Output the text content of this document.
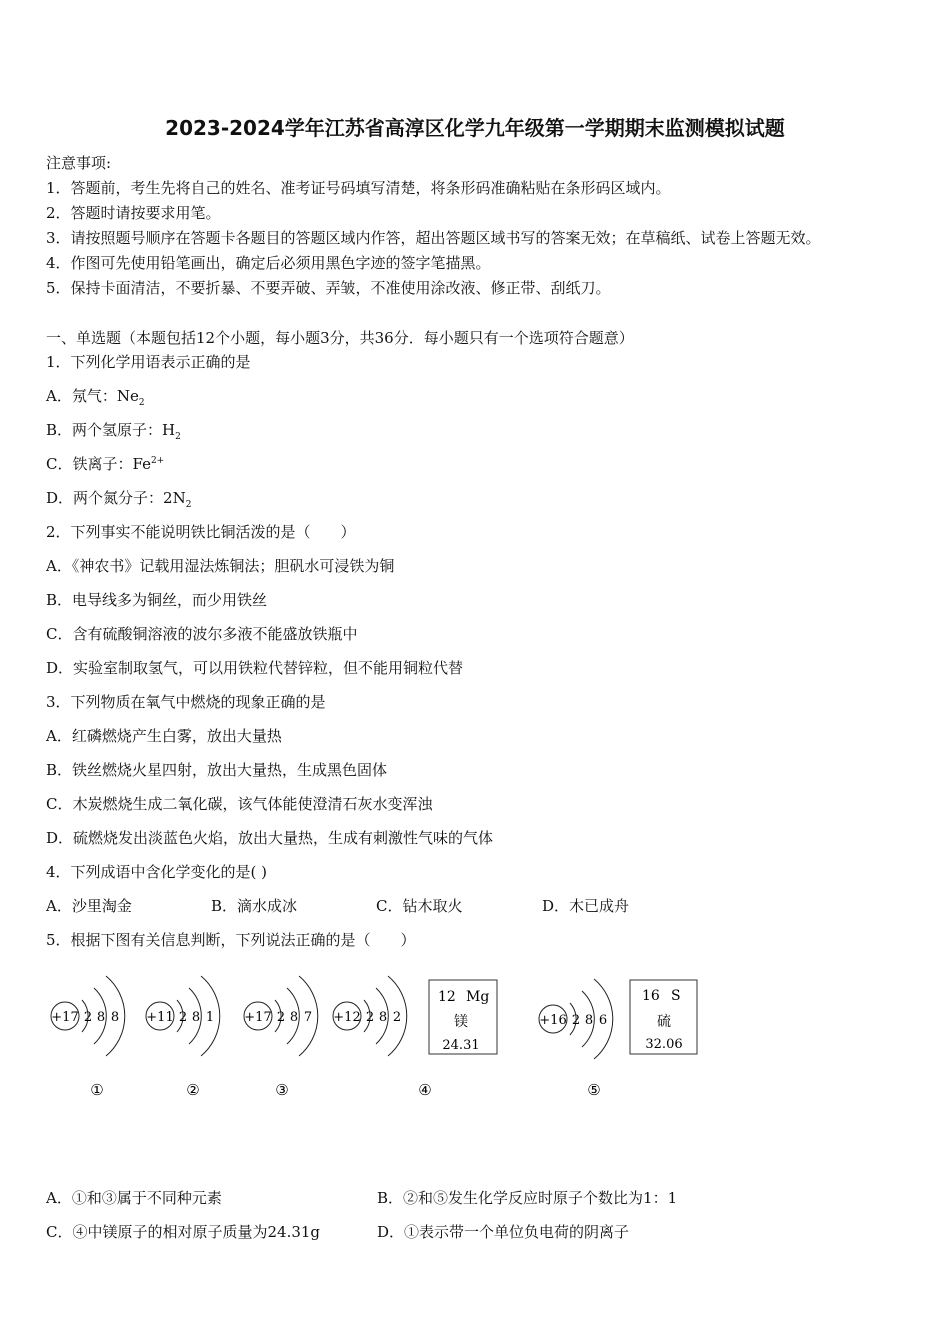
2023-2024学年江苏省高淳区化学九年级第一学期期末监测模拟试题
注意事项:
1．答题前，考生先将自己的姓名、准考证号码填写清楚，将条形码准确粘贴在条形码区域内。
2．答题时请按要求用笔。
3．请按照题号顺序在答题卡各题目的答题区域内作答，超出答题区域书写的答案无效；在草稿纸、试卷上答题无效。
4．作图可先使用铅笔画出，确定后必须用黑色字迹的签字笔描黑。
5．保持卡面清洁，不要折暴、不要弄破、弄皱，不准使用涂改液、修正带、刮纸刀。
一、单选题（本题包括12个小题，每小题3分，共36分．每小题只有一个选项符合题意）
1．下列化学用语表示正确的是
A．氖气：$Ne_2$
B．两个氢原子：$H_2$
C．铁离子：$Fe^{2+}$
D．两个氮分子：$2N_2$
2．下列事实不能说明铁比铜活泼的是（　　）
A．《神农书》记载用湿法炼铜法；胆矾水可浸铁为铜
B．电导线多为铜丝，而少用铁丝
C．含有硫酸铜溶液的波尔多液不能盛放铁瓶中
D．实验室制取氢气，可以用铁粒代替锌粒，但不能用铜粒代替
3．下列物质在氧气中燃烧的现象正确的是
A．红磷燃烧产生白雾，放出大量热
B．铁丝燃烧火星四射，放出大量热，生成黑色固体
C．木炭燃烧生成二氧化碳，该气体能使澄清石灰水变浑浊
D．硫燃烧发出淡蓝色火焰，放出大量热，生成有刺激性气味的气体
4．下列成语中含化学变化的是( )
A．沙里淘金	B．滴水成冰	C．钻木取火	D．木已成舟
5．根据下图有关信息判断，下列说法正确的是（　　）
+17 2 8 8 +11 2 8 1 +17 2 8 7 +12 2 8 2	+16 2 8 6
12 Mg
镁
24.31
16 S
硫
32.06
①	②	③	④	⑤
A．①和③属于不同种元素	B．②和⑤发生化学反应时原子个数比为1：1
C．④中镁原子的相对原子质量为24.31g	D．①表示带一个单位负电荷的阴离子
